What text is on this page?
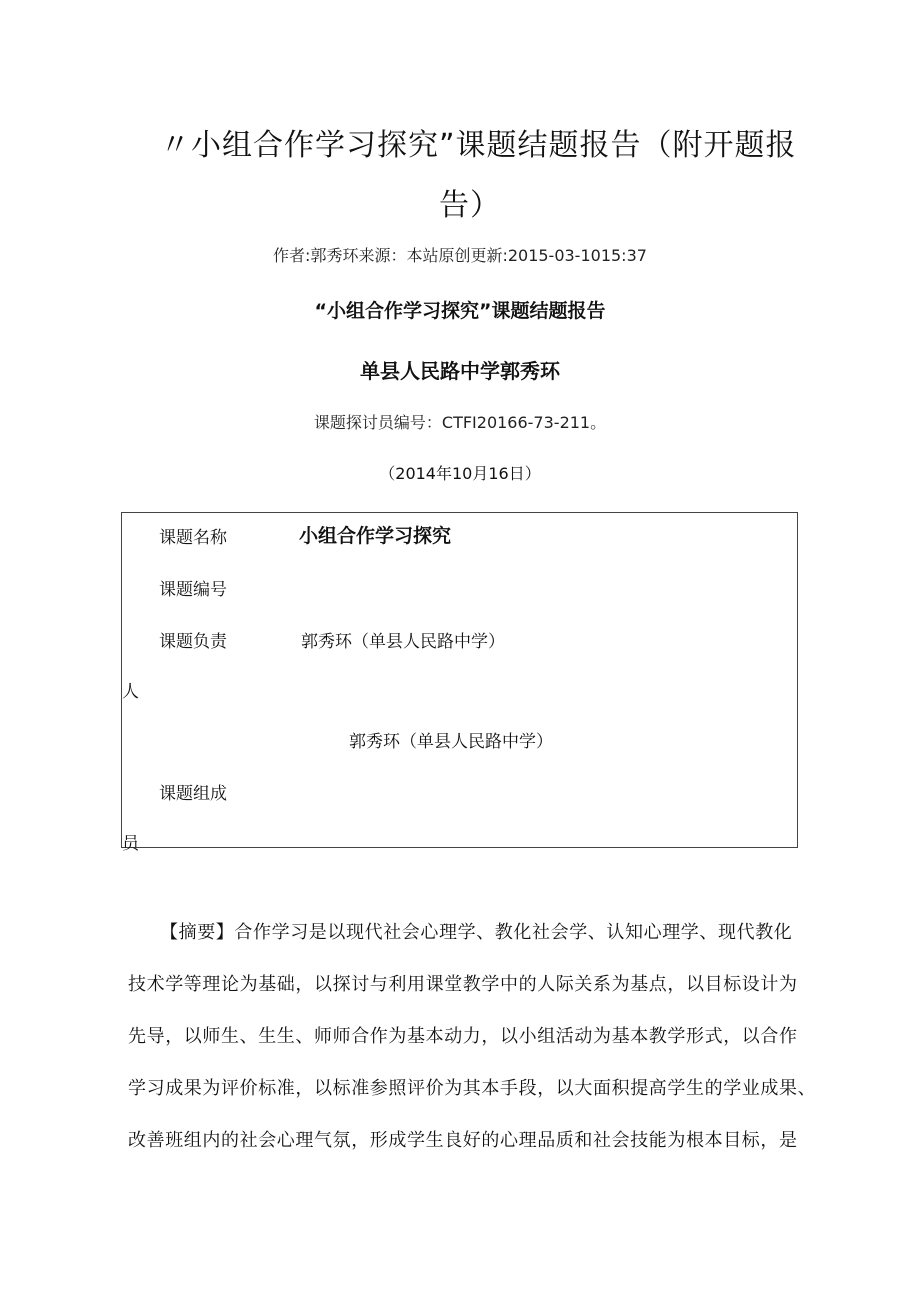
〃小组合作学习探究”课题结题报告（附开题报
告）
作者:郭秀环来源：本站原创更新:2015-03-1015:37
“小组合作学习探究”课题结题报告
单县人民路中学郭秀环
课题探讨员编号：CTFI20166-73-211。
（2014年10月16日）
课题名称	小组合作学习探究
课题编号
课题负责	郭秀环（单县人民路中学）
人
郭秀环（单县人民路中学）
课题组成
员
【摘要】合作学习是以现代社会心理学、教化社会学、认知心理学、现代教化
技术学等理论为基础，以探讨与利用课堂教学中的人际关系为基点，以目标设计为
先导，以师生、生生、师师合作为基本动力，以小组活动为基本教学形式，以合作
学习成果为评价标准，以标准参照评价为其本手段，以大面积提高学生的学业成果、
改善班组内的社会心理气氛，形成学生良好的心理品质和社会技能为根本目标，是
